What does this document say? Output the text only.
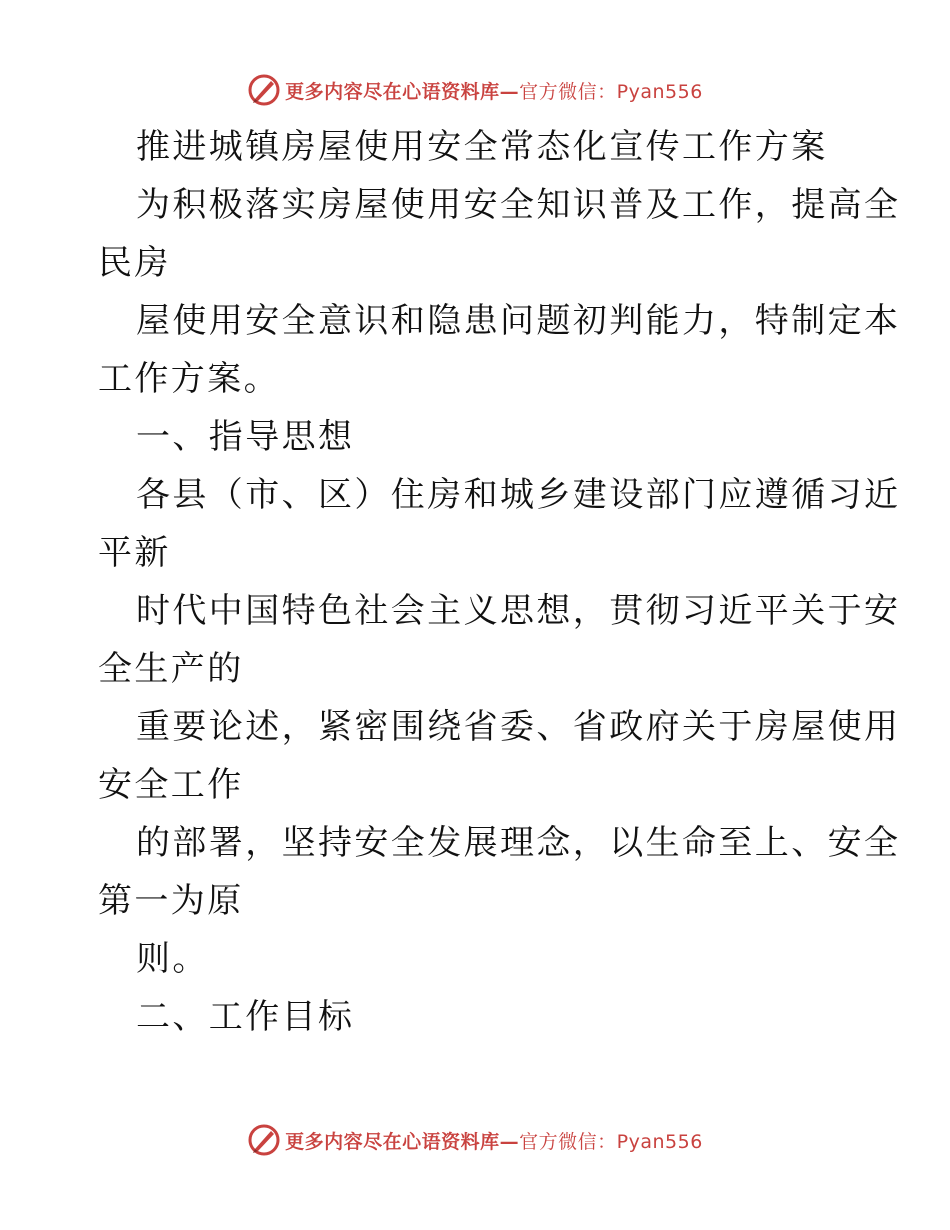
更多内容尽在心语资料库— 官方微信：Pyan556
推进城镇房屋使用安全常态化宣传工作方案
为积极落实房屋使用安全知识普及工作，提高全
民房
屋使用安全意识和隐患问题初判能力，特制定本
工作方案。
一、指导思想
各县（市、区）住房和城乡建设部门应遵循习近
平新
时代中国特色社会主义思想，贯彻习近平关于安
全生产的
重要论述，紧密围绕省委、省政府关于房屋使用
安全工作
的部署，坚持安全发展理念，以生命至上、安全
第一为原
则。
二、工作目标
更多内容尽在心语资料库— 官方微信：Pyan556
